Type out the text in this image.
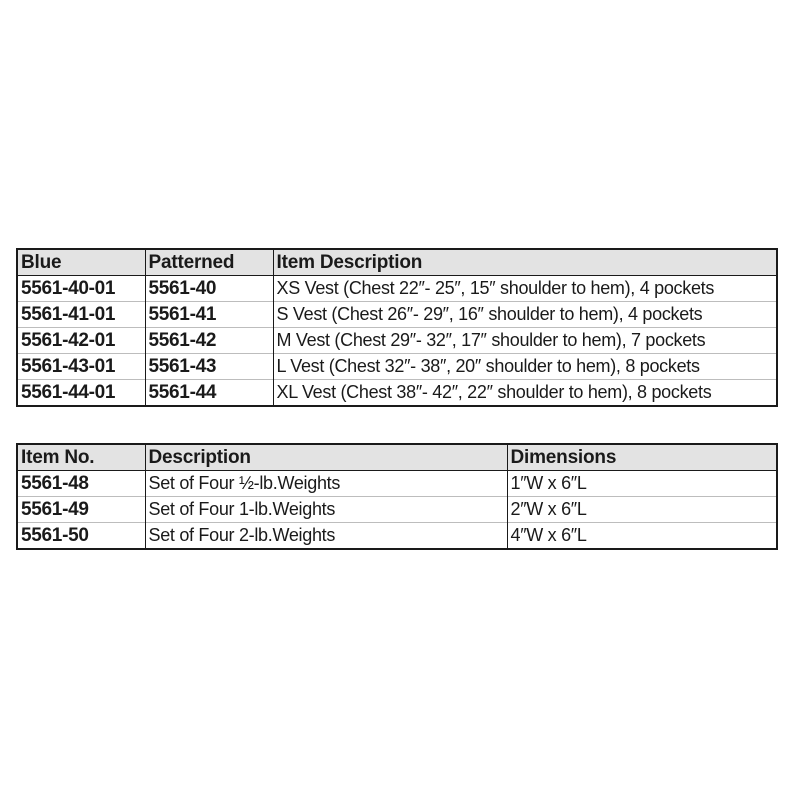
Blue	Patterned	Item Description
5561-40-01	5561-40	XS Vest (Chest 22″- 25″, 15″ shoulder to hem), 4 pockets
5561-41-01	5561-41	S Vest (Chest 26″- 29″, 16″ shoulder to hem), 4 pockets
5561-42-01	5561-42	M Vest (Chest 29″- 32″, 17″ shoulder to hem), 7 pockets
5561-43-01	5561-43	L Vest (Chest 32″- 38″, 20″ shoulder to hem), 8 pockets
5561-44-01	5561-44	XL Vest (Chest 38″- 42″, 22″ shoulder to hem), 8 pockets
Item No.	Description	Dimensions
5561-48	Set of Four ½-lb.Weights	1″W x 6″L
5561-49	Set of Four 1-lb.Weights	2″W x 6″L
5561-50	Set of Four 2-lb.Weights	4″W x 6″L
